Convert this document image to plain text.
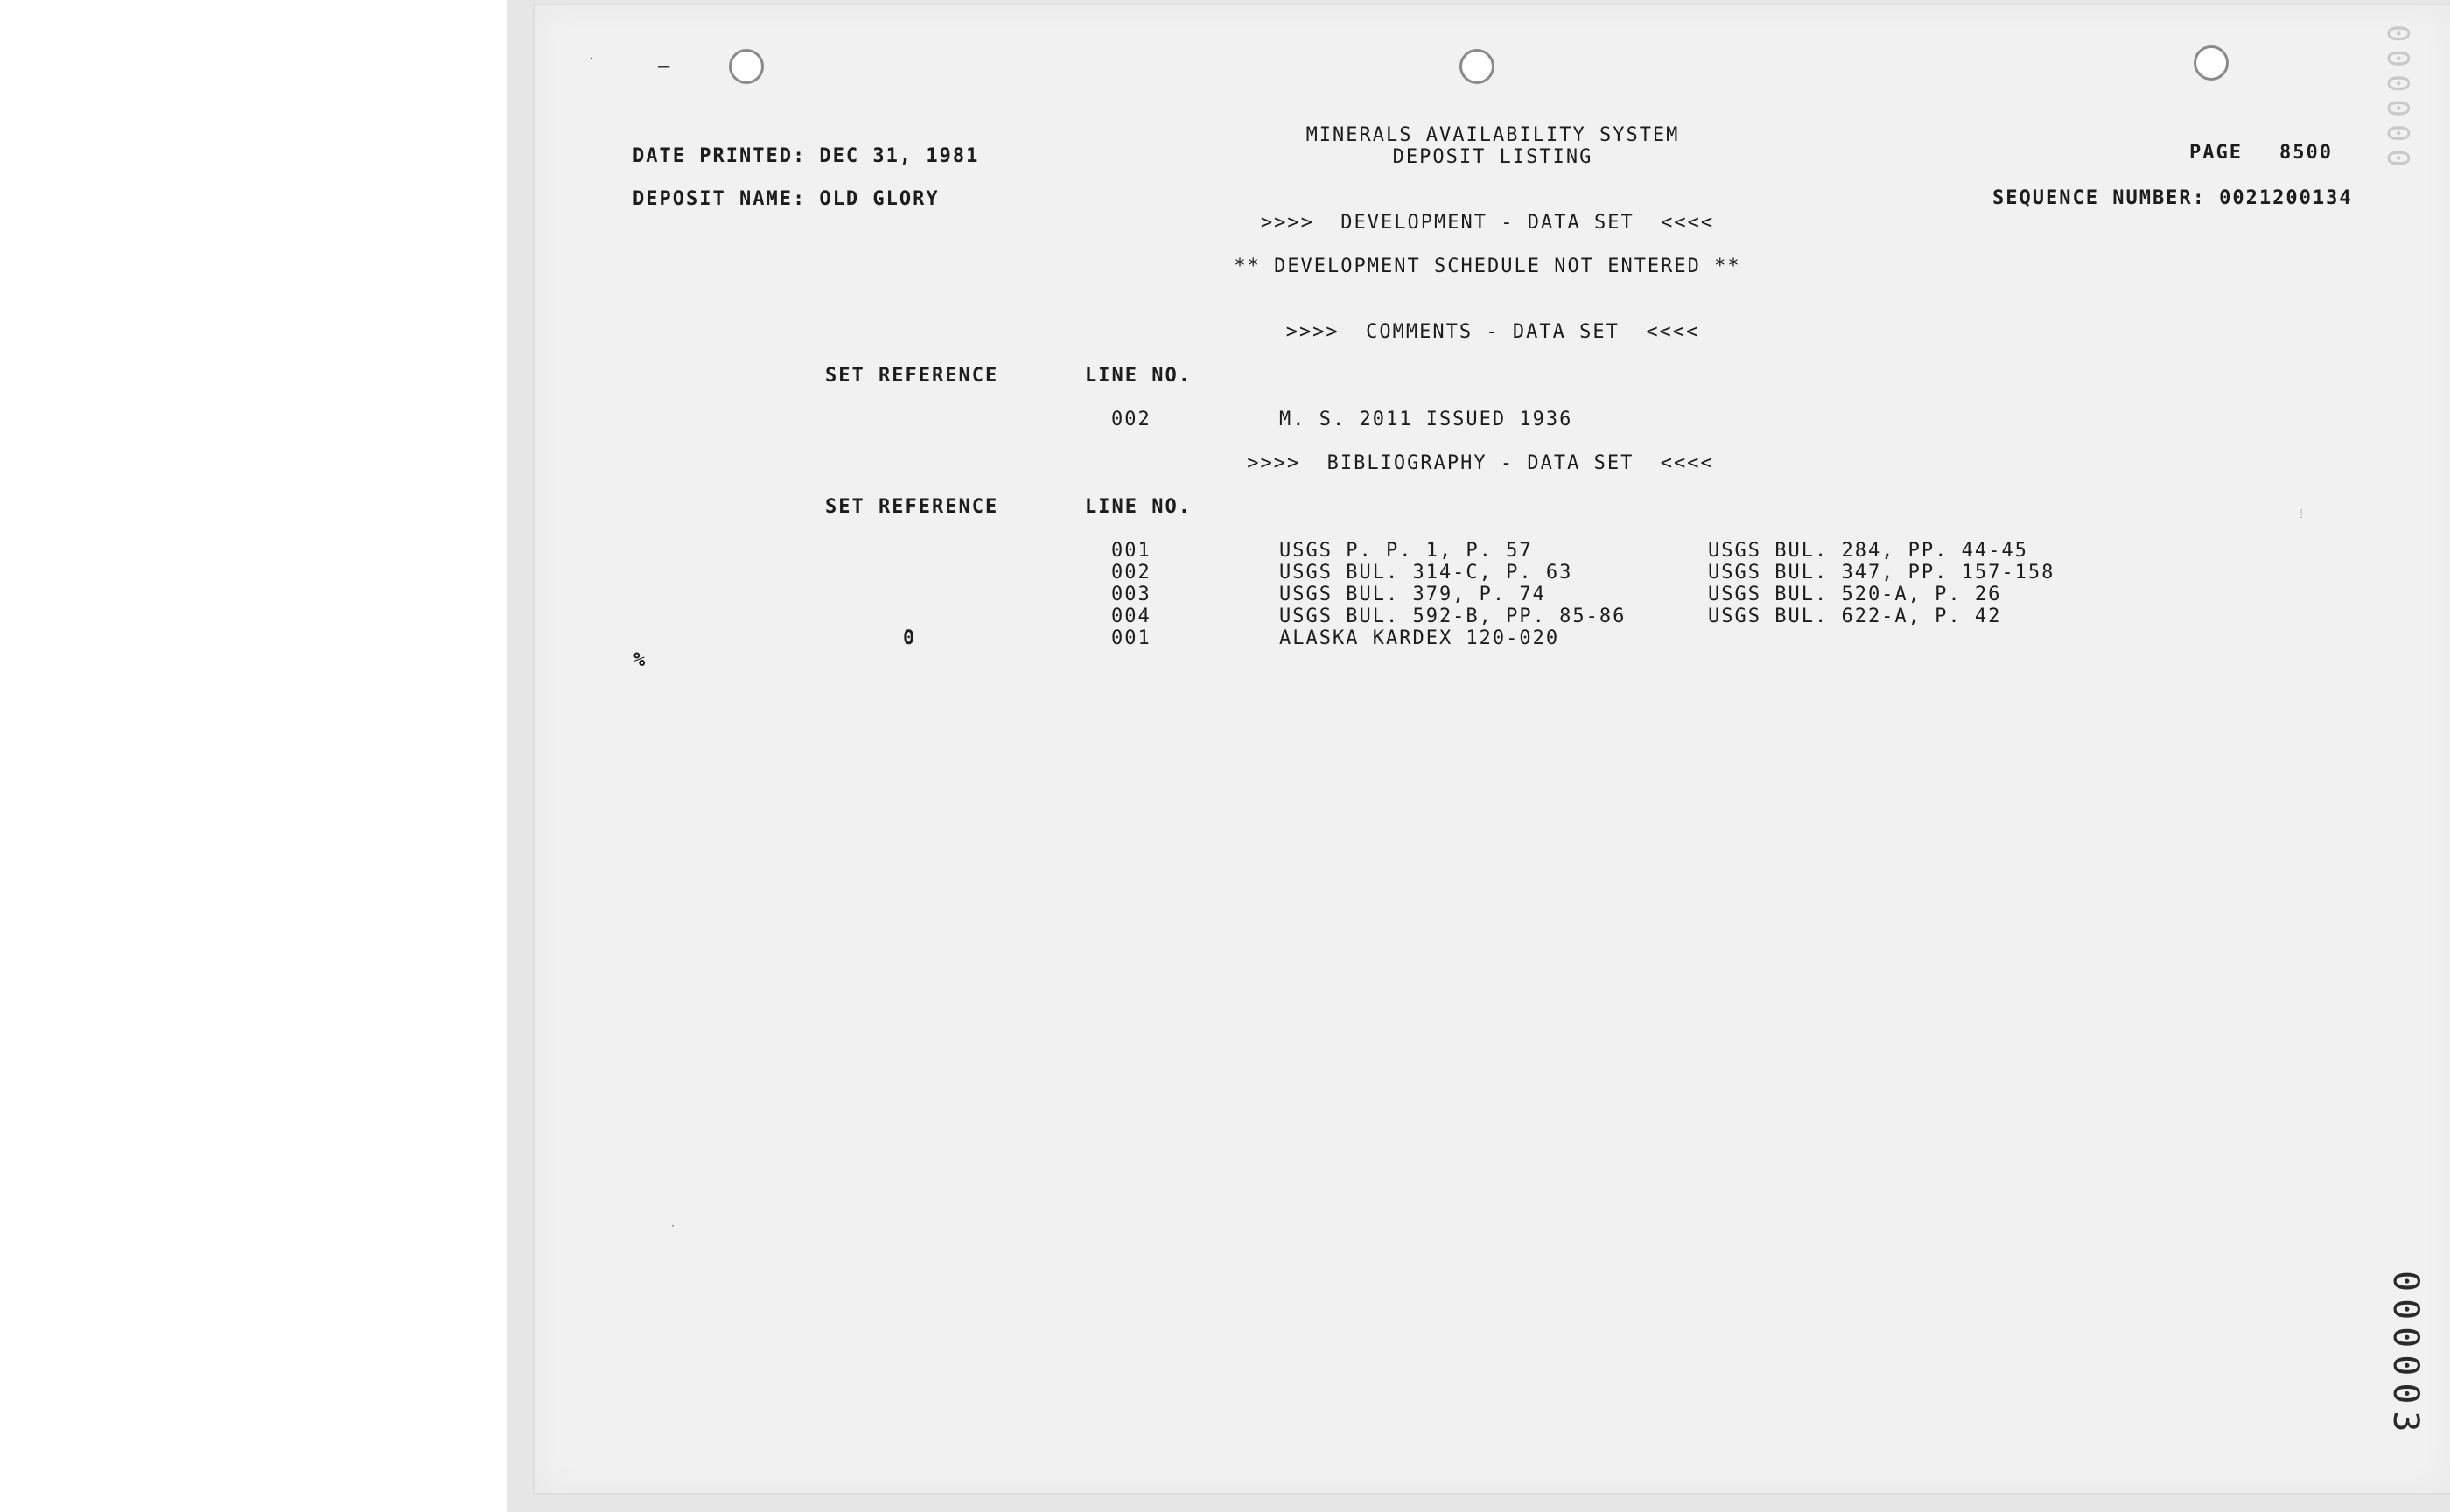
·	–
MINERALS AVAILABILITY SYSTEM
DEPOSIT LISTING
DATE PRINTED: DEC 31, 1981	PAGE 8500
DEPOSIT NAME: OLD GLORY	SEQUENCE NUMBER: 0021200134
>>>>  DEVELOPMENT - DATA SET  <<<<
** DEVELOPMENT SCHEDULE NOT ENTERED **
>>>>  COMMENTS - DATA SET  <<<<
SET REFERENCE	LINE NO.
002	M. S. 2011 ISSUED 1936
>>>>  BIBLIOGRAPHY - DATA SET  <<<<
SET REFERENCE	LINE NO.
001	USGS P. P. 1, P. 57	USGS BUL. 284, PP. 44-45
002	USGS BUL. 314-C, P. 63	USGS BUL. 347, PP. 157-158
003	USGS BUL. 379, P. 74	USGS BUL. 520-A, P. 26
004	USGS BUL. 592-B, PP. 85-86	USGS BUL. 622-A, P. 42
0	001	ALASKA KARDEX 120-020
%
000000
000003
·
⁞
